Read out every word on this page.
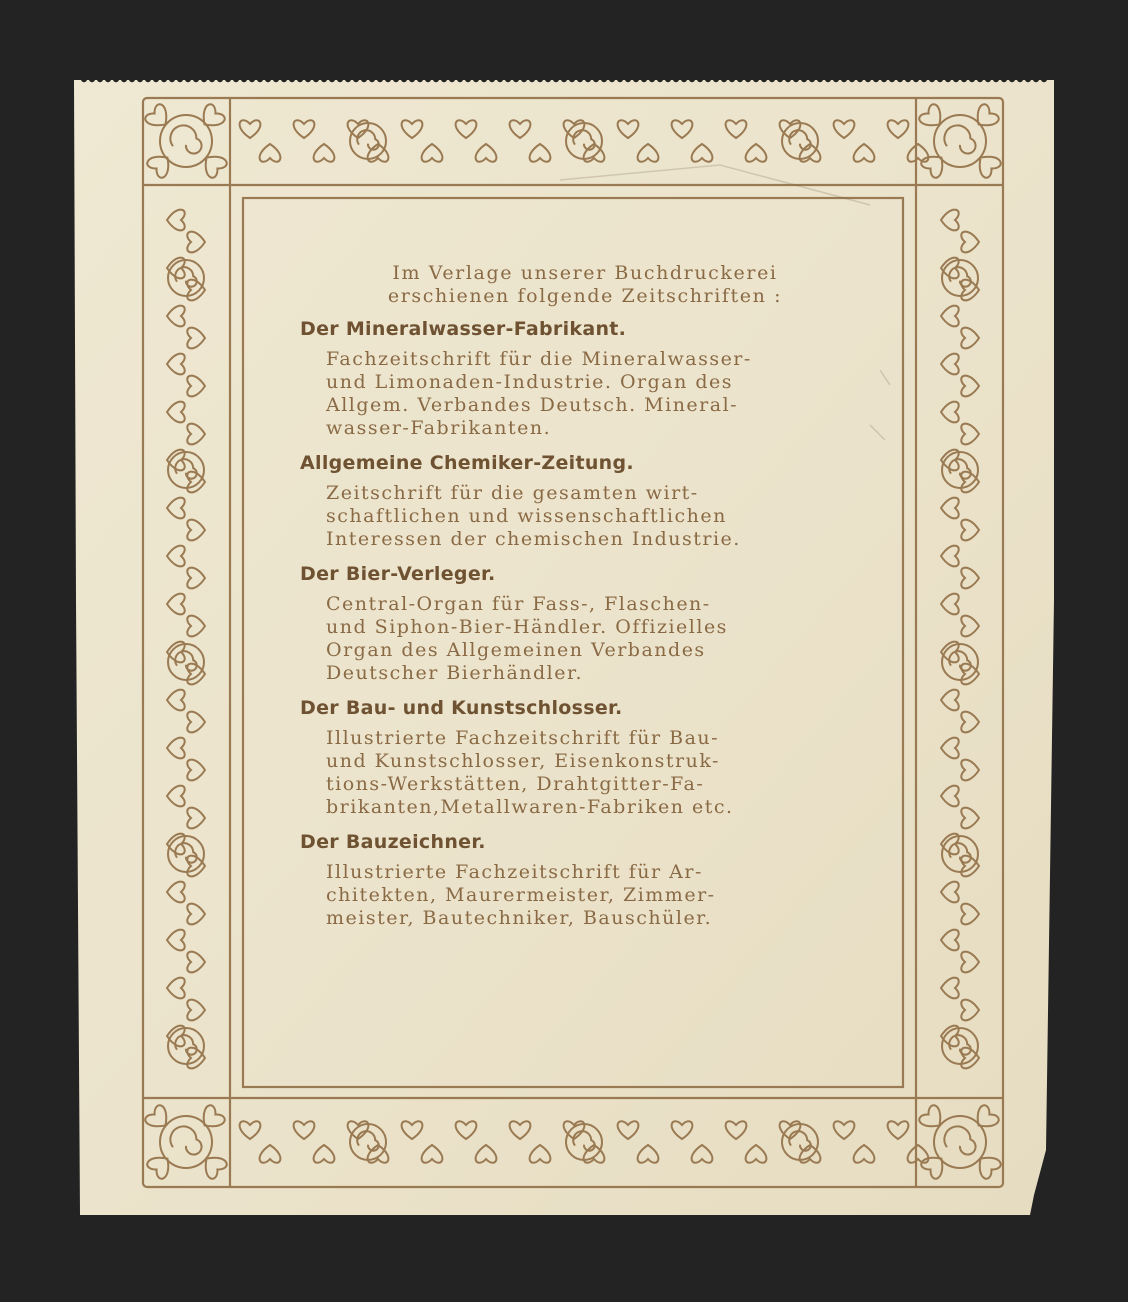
Im Verlage unserer Buchdruckerei
erschienen folgende Zeitschriften :
Der Mineralwasser-Fabrikant.
Fachzeitschrift für die Mineralwasser-
und Limonaden-Industrie. Organ des
Allgem. Verbandes Deutsch. Mineral-
wasser-Fabrikanten.
Allgemeine Chemiker-Zeitung.
Zeitschrift für die gesamten wirt-
schaftlichen und wissenschaftlichen
Interessen der chemischen Industrie.
Der Bier-Verleger.
Central-Organ für Fass-, Flaschen-
und Siphon-Bier-Händler. Offizielles
Organ des Allgemeinen Verbandes
Deutscher Bierhändler.
Der Bau- und Kunstschlosser.
Illustrierte Fachzeitschrift für Bau-
und Kunstschlosser, Eisenkonstruk-
tions-Werkstätten, Drahtgitter-Fa-
brikanten,Metallwaren-Fabriken etc.
Der Bauzeichner.
Illustrierte Fachzeitschrift für Ar-
chitekten, Maurermeister, Zimmer-
meister, Bautechniker, Bauschüler.
